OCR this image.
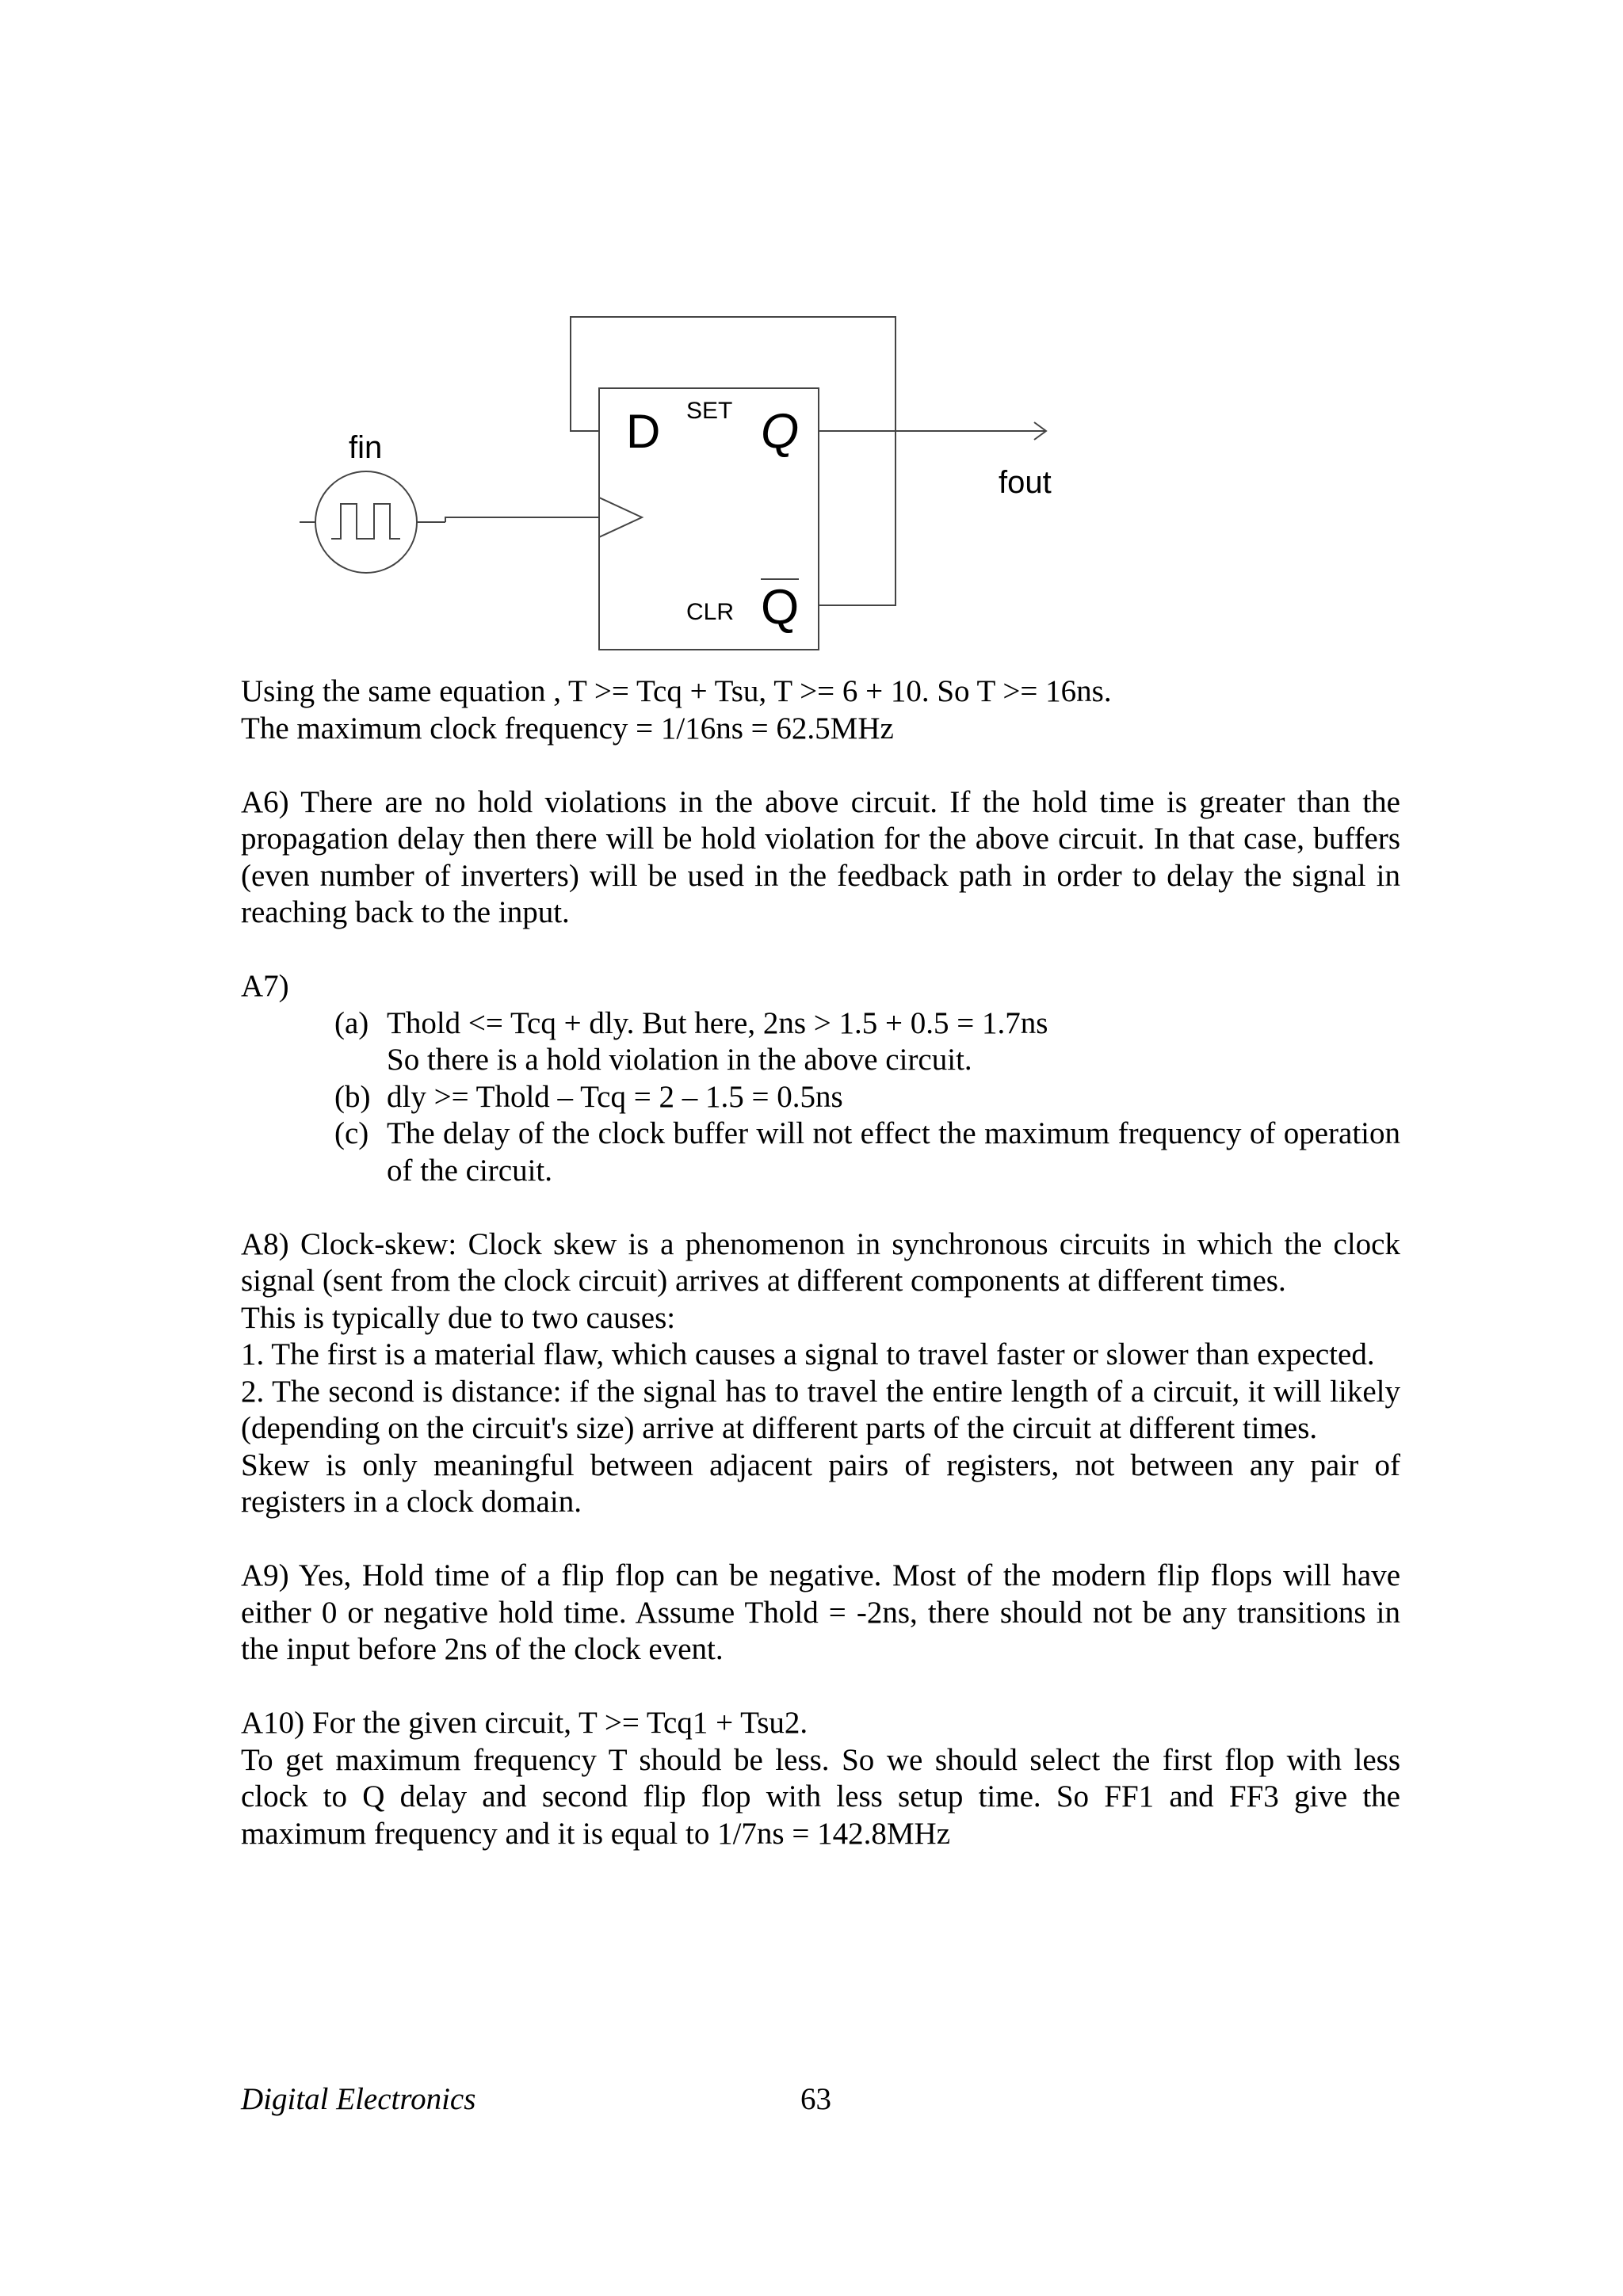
D SET Q
CLR Q
fin
fout

Using the same equation , T >= Tcq + Tsu, T >= 6 + 10. So T >= 16ns.

The maximum clock frequency = 1/16ns = 62.5MHz

A6) There are no hold violations in the above circuit. If the hold time is greater than the propagation delay then there will be hold violation for the above circuit. In that case, buffers (even number of inverters) will be used in the feedback path in order to delay the signal in reaching back to the input.

A7)

(a) Thold <= Tcq + dly. But here, 2ns > 1.5 + 0.5 = 1.7ns
So there is a hold violation in the above circuit.
(b) dly >= Thold – Tcq = 2 – 1.5 = 0.5ns
(c) The delay of the clock buffer will not effect the maximum frequency of operation of the circuit.

A8) Clock-skew: Clock skew is a phenomenon in synchronous circuits in which the clock signal (sent from the clock circuit) arrives at different components at different times.

This is typically due to two causes:

1. The first is a material flaw, which causes a signal to travel faster or slower than expected.

2. The second is distance: if the signal has to travel the entire length of a circuit, it will likely (depending on the circuit's size) arrive at different parts of the circuit at different times.

Skew is only meaningful between adjacent pairs of registers, not between any pair of registers in a clock domain.

A9) Yes, Hold time of a flip flop can be negative. Most of the modern flip flops will have either 0 or negative hold time. Assume Thold = -2ns, there should not be any transitions in the input before 2ns of the clock event.

A10) For the given circuit, T >= Tcq1 + Tsu2.

To get maximum frequency T should be less. So we should select the first flop with less clock to Q delay and second flip flop with less setup time. So FF1 and FF3 give the maximum frequency and it is equal to 1/7ns = 142.8MHz

Digital Electronics	63
